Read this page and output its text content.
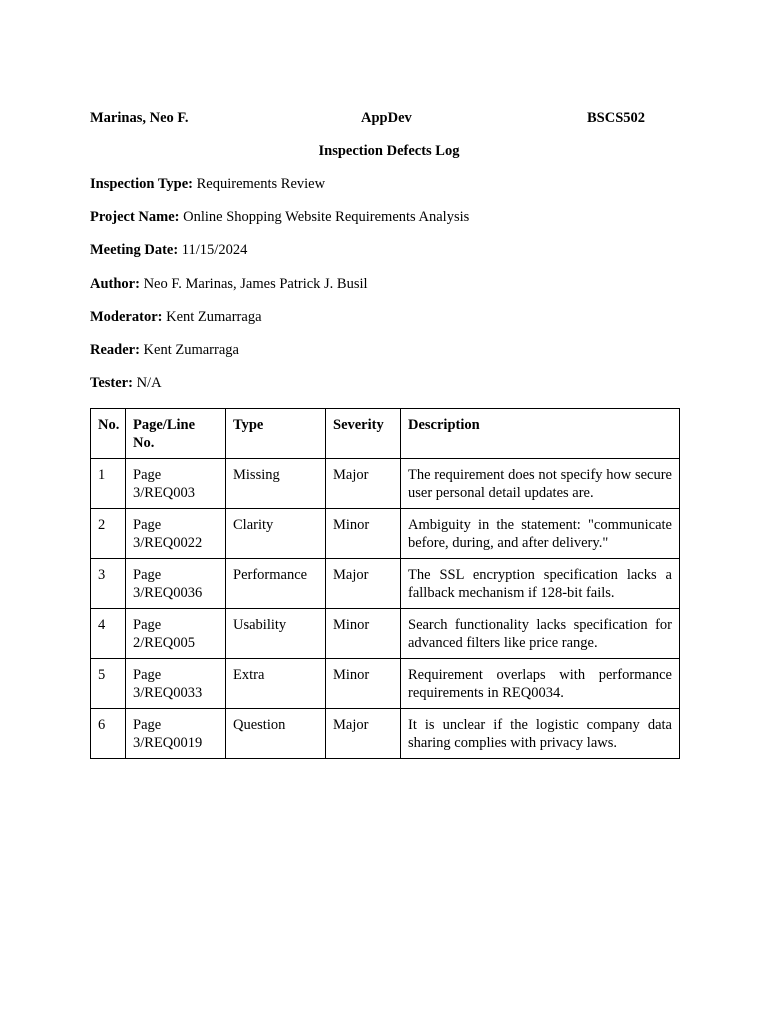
Marinas, Neo F.	AppDev	BSCS502
Inspection Defects Log
Inspection Type: Requirements Review
Project Name: Online Shopping Website Requirements Analysis
Meeting Date: 11/15/2024
Author: Neo F. Marinas, James Patrick J. Busil
Moderator: Kent Zumarraga
Reader: Kent Zumarraga
Tester: N/A
No.	Page/Line No.	Type	Severity	Description
1	Page 3/REQ003	Missing	Major	The requirement does not specify how secure user personal detail updates are.
2	Page 3/REQ0022	Clarity	Minor	Ambiguity in the statement: "communicate before, during, and after delivery."
3	Page 3/REQ0036	Performance	Major	The SSL encryption specification lacks a fallback mechanism if 128-bit fails.
4	Page 2/REQ005	Usability	Minor	Search functionality lacks specification for advanced filters like price range.
5	Page 3/REQ0033	Extra	Minor	Requirement overlaps with performance requirements in REQ0034.
6	Page 3/REQ0019	Question	Major	It is unclear if the logistic company data sharing complies with privacy laws.
